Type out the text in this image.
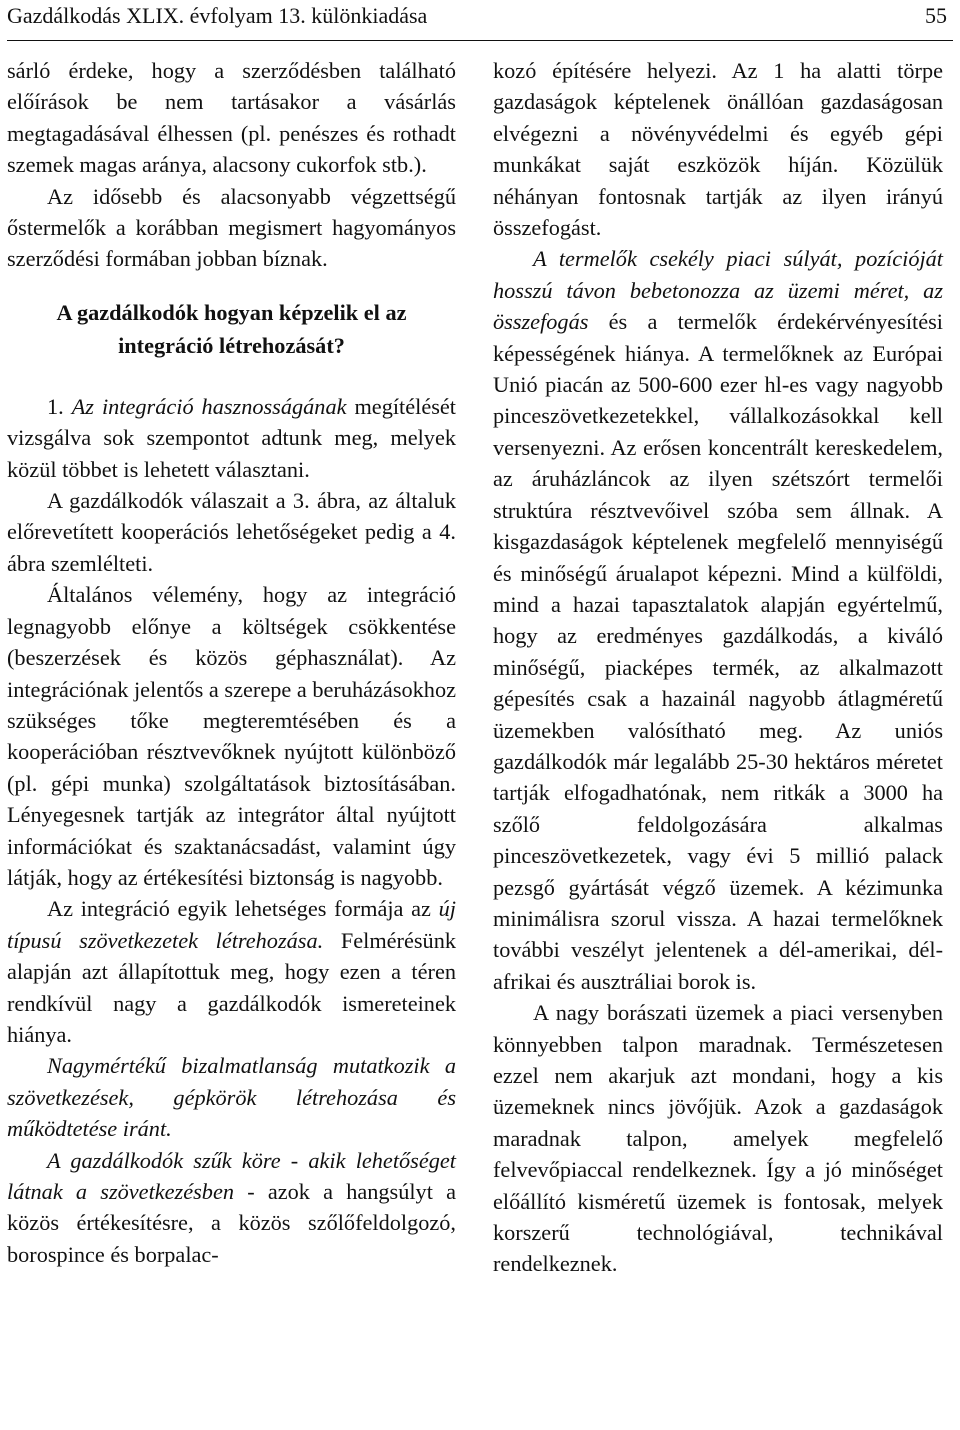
Gazdálkodás XLIX. évfolyam 13. különkiadása	55

sárló érdeke, hogy a szerződésben található előírások be nem tartásakor a vásárlás megtagadásával élhessen (pl. penészes és rothadt szemek magas aránya, alacsony cukorfok stb.).

Az idősebb és alacsonyabb végzettségű őstermelők a korábban megismert hagyományos szerződési formában jobban bíznak.

A gazdálkodók hogyan képzelik el az integráció létrehozását?

1. Az integráció hasznosságának megítélését vizsgálva sok szempontot adtunk meg, melyek közül többet is lehetett választani.

A gazdálkodók válaszait a 3. ábra, az általuk előrevetített kooperációs lehetőségeket pedig a 4. ábra szemlélteti.

Általános vélemény, hogy az integráció legnagyobb előnye a költségek csökkentése (beszerzések és közös géphasználat). Az integrációnak jelentős a szerepe a beruházásokhoz szükséges tőke megteremtésében és a kooperációban résztvevőknek nyújtott különböző (pl. gépi munka) szolgáltatások biztosításában. Lényegesnek tartják az integrátor által nyújtott információkat és szaktanácsadást, valamint úgy látják, hogy az értékesítési biztonság is nagyobb.

Az integráció egyik lehetséges formája az új típusú szövetkezetek létrehozása. Felmérésünk alapján azt állapítottuk meg, hogy ezen a téren rendkívül nagy a gazdálkodók ismereteinek hiánya.

Nagymértékű bizalmatlanság mutatkozik a szövetkezések, gépkörök létrehozása és működtetése iránt.

A gazdálkodók szűk köre - akik lehetőséget látnak a szövetkezésben - azok a hangsúlyt a közös értékesítésre, a közös szőlőfeldolgozó, borospince és borpalac-

kozó építésére helyezi. Az 1 ha alatti törpe gazdaságok képtelenek önállóan gazdaságosan elvégezni a növényvédelmi és egyéb gépi munkákat saját eszközök híján. Közülük néhányan fontosnak tartják az ilyen irányú összefogást.

A termelők csekély piaci súlyát, pozícióját hosszú távon bebetonozza az üzemi méret, az összefogás és a termelők érdekérvényesítési képességének hiánya. A termelőknek az Európai Unió piacán az 500-600 ezer hl-es vagy nagyobb pinceszövetkezetekkel, vállalkozásokkal kell versenyezni. Az erősen koncentrált kereskedelem, az áruházláncok az ilyen szétszórt termelői struktúra résztvevőivel szóba sem állnak. A kisgazdaságok képtelenek megfelelő mennyiségű és minőségű árualapot képezni. Mind a külföldi, mind a hazai tapasztalatok alapján egyértelmű, hogy az eredményes gazdálkodás, a kiváló minőségű, piacképes termék, az alkalmazott gépesítés csak a hazainál nagyobb átlagméretű üzemekben valósítható meg. Az uniós gazdálkodók már legalább 25-30 hektáros méretet tartják elfogadhatónak, nem ritkák a 3000 ha szőlő feldolgozására alkalmas pinceszövetkezetek, vagy évi 5 millió palack pezsgő gyártását végző üzemek. A kézimunka minimálisra szorul vissza. A hazai termelőknek további veszélyt jelentenek a dél-amerikai, dél-afrikai és ausztráliai borok is.

A nagy borászati üzemek a piaci versenyben könnyebben talpon maradnak. Természetesen ezzel nem akarjuk azt mondani, hogy a kis üzemeknek nincs jövőjük. Azok a gazdaságok maradnak talpon, amelyek megfelelő felvevőpiaccal rendelkeznek. Így a jó minőséget előállító kisméretű üzemek is fontosak, melyek korszerű technológiával, technikával rendelkeznek.
